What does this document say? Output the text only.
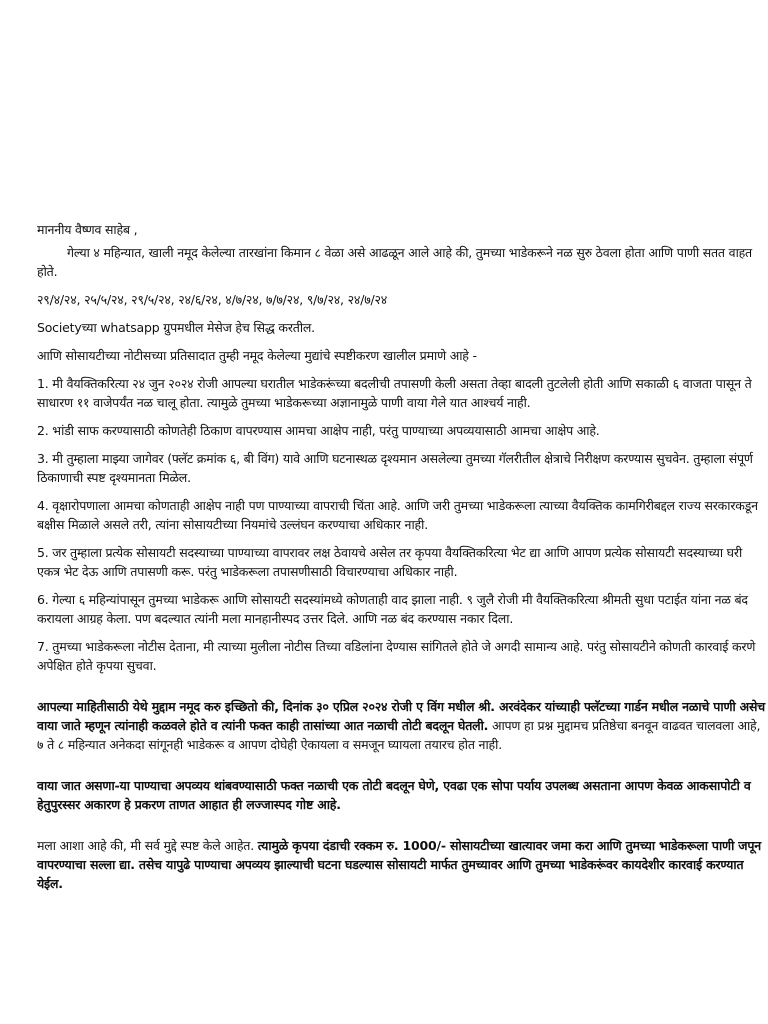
माननीय वैष्णव साहेब ,

गेल्या ४ महिन्यात, खाली नमूद केलेल्या तारखांना किमान ८ वेळा असे आढळून आले आहे की, तुमच्या भाडेकरूने नळ सुरु ठेवला होता आणि पाणी सतत वाहत होते.

२९/४/२४, २५/५/२४, २९/५/२४, २४/६/२४, ४/७/२४, ७/७/२४, ९/७/२४, २४/७/२४

Societyच्या whatsapp ग्रुपमधील मेसेज हेच सिद्ध करतील.

आणि सोसायटीच्या नोटीसच्या प्रतिसादात तुम्ही नमूद केलेल्या मुद्यांचे स्पष्टीकरण खालील प्रमाणे आहे -

1. मी वैयक्तिकरित्या २४ जुन २०२४ रोजी आपल्या घरातील भाडेकरूंच्या बदलीची तपासणी केली असता तेव्हा बादली तुटलेली होती आणि सकाळी ६ वाजता पासून ते साधारण ११ वाजेपर्यंत नळ चालू होता. त्यामुळे तुमच्या भाडेकरूच्या अज्ञानामुळे पाणी वाया गेले यात आश्चर्य नाही.

2. भांडी साफ करण्यासाठी कोणतेही ठिकाण वापरण्यास आमचा आक्षेप नाही, परंतु पाण्याच्या अपव्ययासाठी आमचा आक्षेप आहे.

3. मी तुम्हाला माझ्या जागेवर (फ्लॅट क्रमांक ६, बी विंग) यावे आणि घटनास्थळ दृश्यमान असलेल्या तुमच्या गॅलरीतील क्षेत्राचे निरीक्षण करण्यास सुचवेन. तुम्हाला संपूर्ण ठिकाणाची स्पष्ट दृश्यमानता मिळेल.

4. वृक्षारोपणाला आमचा कोणताही आक्षेप नाही पण पाण्याच्या वापराची चिंता आहे. आणि जरी तुमच्या भाडेकरूला त्याच्या वैयक्तिक कामगिरीबद्दल राज्य सरकारकडून बक्षीस मिळाले असले तरी, त्यांना सोसायटीच्या नियमांचे उल्लंघन करण्याचा अधिकार नाही.

5. जर तुम्हाला प्रत्येक सोसायटी सदस्याच्या पाण्याच्या वापरावर लक्ष ठेवायचे असेल तर कृपया वैयक्तिकरित्या भेट द्या आणि आपण प्रत्येक सोसायटी सदस्याच्या घरी एकत्र भेट देऊ आणि तपासणी करू. परंतु भाडेकरूला तपासणीसाठी विचारण्याचा अधिकार नाही.

6. गेल्या ६ महिन्यांपासून तुमच्या भाडेकरू आणि सोसायटी सदस्यांमध्ये कोणताही वाद झाला नाही. ९ जुलै रोजी मी वैयक्तिकरित्या श्रीमती सुधा पटाईत यांना नळ बंद करायला आग्रह केला. पण बदल्यात त्यांनी मला मानहानीस्पद उत्तर दिले. आणि नळ बंद करण्यास नकार दिला.

7. तुमच्या भाडेकरूला नोटीस देताना, मी त्याच्या मुलीला नोटीस तिच्या वडिलांना देण्यास सांगितले होते जे अगदी सामान्य आहे. परंतु सोसायटीने कोणती कारवाई करणे अपेक्षित होते कृपया सुचवा.

आपल्या माहितीसाठी येथे मुद्दाम नमूद करु इच्छितो की, दिनांक ३० एप्रिल २०२४ रोजी ए विंग मधील श्री. अरवंदेकर यांच्याही फ्लॅटच्या गार्डन मधील नळाचे पाणी असेच वाया जाते म्हणून त्यांनाही कळवले होते व त्यांनी फक्त काही तासांच्या आत नळाची तोटी बदलून घेतली. आपण हा प्रश्न मुद्दामच प्रतिष्ठेचा बनवून वाढवत चालवला आहे, ७ ते ८ महिन्यात अनेकदा सांगूनही भाडेकरू व आपण दोघेही ऐकायला व समजून घ्यायला तयारच होत नाही.

वाया जात असणा-या पाण्याचा अपव्यय थांबवण्यासाठी फक्त नळाची एक तोटी बदलून घेणे, एवढा एक सोपा पर्याय उपलब्ध असताना आपण केवळ आकसापोटी व हेतुपुरस्सर अकारण हे प्रकरण ताणत आहात ही लज्जास्पद गोष्ट आहे.

मला आशा आहे की, मी सर्व मुद्दे स्पष्ट केले आहेत. त्यामुळे कृपया दंडाची रक्कम रु. 1000/- सोसायटीच्या खात्यावर जमा करा आणि तुमच्या भाडेकरूला पाणी जपून वापरण्याचा सल्ला द्या. तसेच यापुढे पाण्याचा अपव्यय झाल्याची घटना घडल्यास सोसायटी मार्फत तुमच्यावर आणि तुमच्या भाडेकरूंवर कायदेशीर कारवाई करण्यात येईल.
